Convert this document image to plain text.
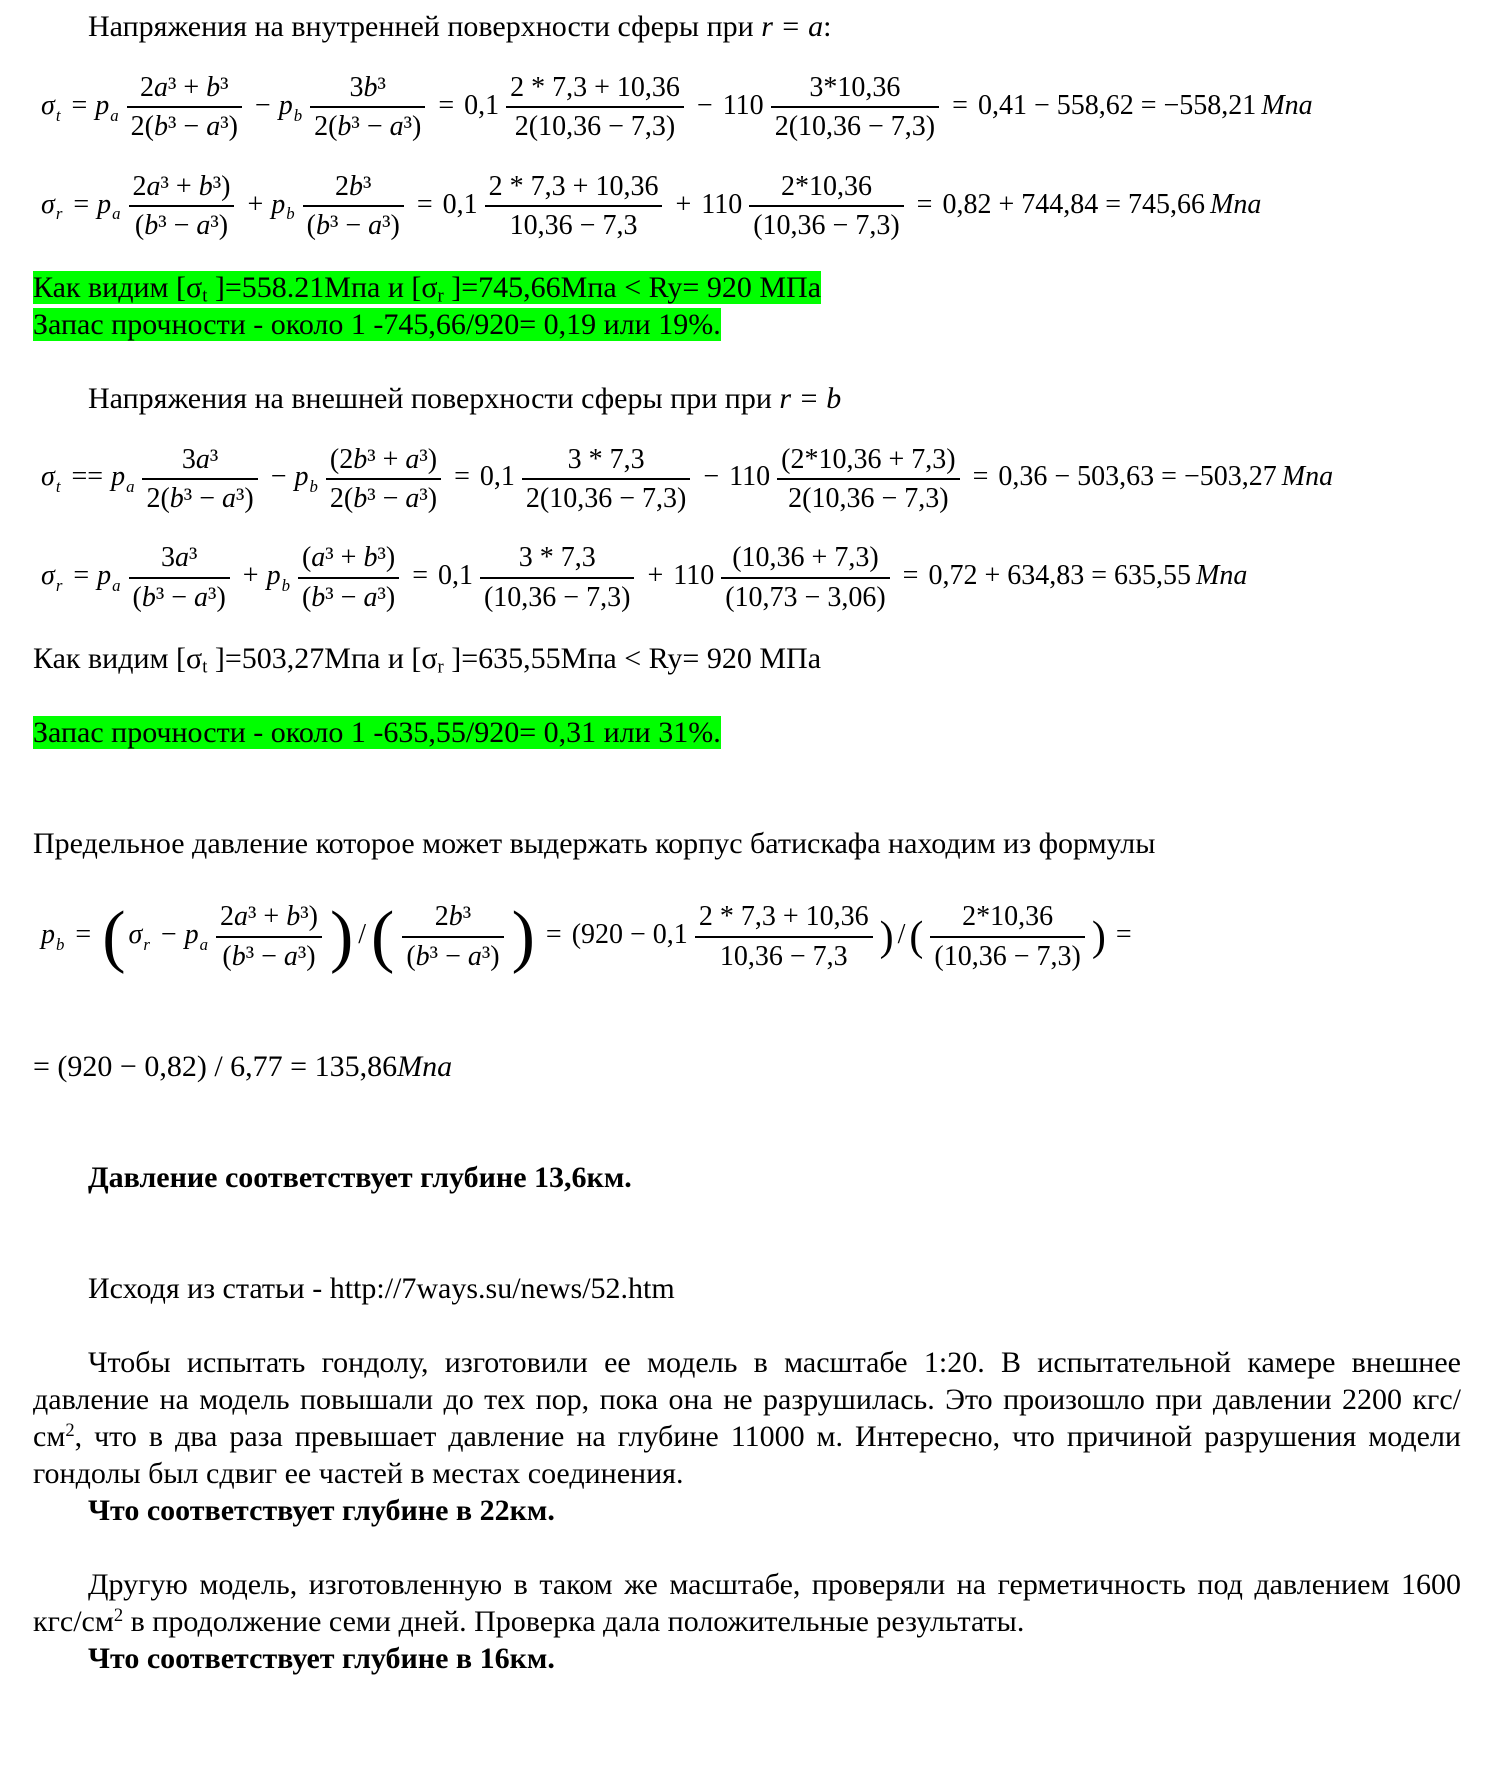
Напряжения на внутренней поверхности сферы при r = a:
$\sigma_t = p_a \frac{\text{2a³ + b³}}{\text{2(b³ − a³)}} - p_b \frac{\text{3b³}}{\text{2(b³ − a³)}} = 0,1 \frac{2 * 7,3 + 10,36}{2(10,36 - 7,3)} - 110 \frac{3*10,36}{2(10,36 - 7,3)} = 0,41 - 558,62 = -558,21$ Мпа
$\sigma_r = p_a \frac{\text{2a³ + b³)}}{\text{(b³ − a³)}} + p_b \frac{\text{2b³}}{\text{(b³ − a³)}} = 0,1 \frac{2 * 7,3 + 10,36}{10,36 - 7,3} + 110 \frac{2*10,36}{(10,36 - 7,3)} = 0,82 + 744,84 = 745,66$ Мпа
Как видим [$\sigma_t$ ]=558.21Мпа и [$\sigma_r$ ]=745,66Мпа < Ry= 920 МПа
Запас прочности - около 1 -745,66/920= 0,19 или 19%.
Напряжения на внешней поверхности сферы при при r = b
$\sigma_t == p_a \frac{\text{3a³}}{\text{2(b³ − a³)}} - p_b \frac{\text{(2b³ + a³)}}{\text{2(b³ − a³)}} = 0,1 \frac{3 * 7,3}{2(10,36 - 7,3)} - 110 \frac{(2*10,36 + 7,3)}{2(10,36 - 7,3)} = 0,36 - 503,63 = -503,27$ Мпа
$\sigma_r = p_a \frac{\text{3a³}}{\text{(b³ − a³)}} + p_b \frac{\text{(a³ + b³)}}{\text{(b³ − a³)}} = 0,1 \frac{3 * 7,3}{(10,36 - 7,3)} + 110 \frac{(10,36 + 7,3)}{(10,73 - 3,06)} = 0,72 + 634,83 = 635,55$ Мпа
Как видим [$\sigma_t$ ]=503,27Мпа и [$\sigma_r$ ]=635,55Мпа < Ry= 920 МПа
Запас прочности - около 1 -635,55/920= 0,31 или 31%.
Предельное давление которое может выдержать корпус батискафа находим из формулы
$p_b$ = ( $\sigma_r - p_a \frac{\text{2a³ + b³)}}{\text{(b³ − a³)}}$ ) /( $\frac{\text{2b³}}{\text{(b³ − a³)}}$ ) = ($920 - 0,1 \frac{2 * 7,3 + 10,36}{10,36 - 7,3}$ ) /( $\frac{2*10,36}{(10,36 - 7,3)}$ ) =
= (920 − 0,82) / 6,77 = 135,86Мпа
Давление соответствует глубине 13,6км.
Исходя из статьи - http://7ways.su/news/52.htm
Чтобы испытать гондолу, изготовили ее модель в масштабе 1:20. В испытательной камере внешнее давление на модель повышали до тех пор, пока она не разрушилась. Это произошло при давлении 2200 кгс/$см^2$, что в два раза превышает давление на глубине 11000 м. Интересно, что причиной разрушения модели гондолы был сдвиг ее частей в местах соединения.
Что соответствует глубине в 22км.
Другую модель, изготовленную в таком же масштабе, проверяли на герметичность под давлением 1600 кгс/$см^2$ в продолжение семи дней. Проверка дала положительные результаты.
Что соответствует глубине в 16км.
